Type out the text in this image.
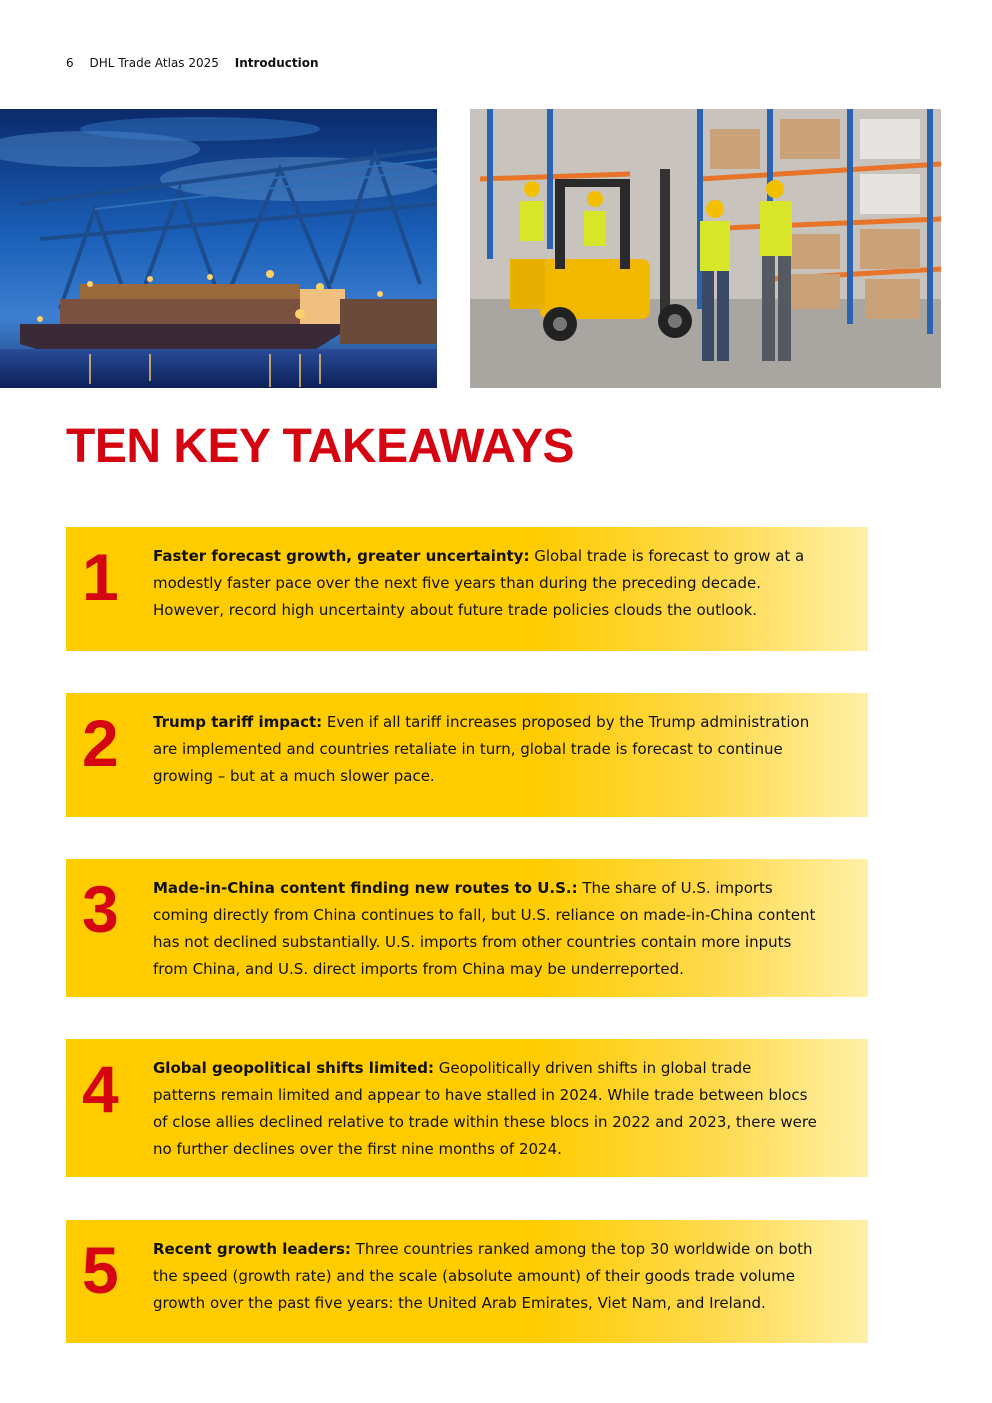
6 DHL Trade Atlas 2025 Introduction
TEN KEY TAKEAWAYS
1	Faster forecast growth, greater uncertainty: Global trade is forecast to grow at a modestly faster pace over the next five years than during the preceding decade. However, record high uncertainty about future trade policies clouds the outlook.
2	Trump tariff impact: Even if all tariff increases proposed by the Trump administration are implemented and countries retaliate in turn, global trade is forecast to continue growing – but at a much slower pace.
3	Made-in-China content finding new routes to U.S.: The share of U.S. imports coming directly from China continues to fall, but U.S. reliance on made-in-China content has not declined substantially. U.S. imports from other countries contain more inputs from China, and U.S. direct imports from China may be underreported.
4	Global geopolitical shifts limited: Geopolitically driven shifts in global trade patterns remain limited and appear to have stalled in 2024. While trade between blocs of close allies declined relative to trade within these blocs in 2022 and 2023, there were no further declines over the first nine months of 2024.
5	Recent growth leaders: Three countries ranked among the top 30 worldwide on both the speed (growth rate) and the scale (absolute amount) of their goods trade volume growth over the past five years: the United Arab Emirates, Viet Nam, and Ireland.
